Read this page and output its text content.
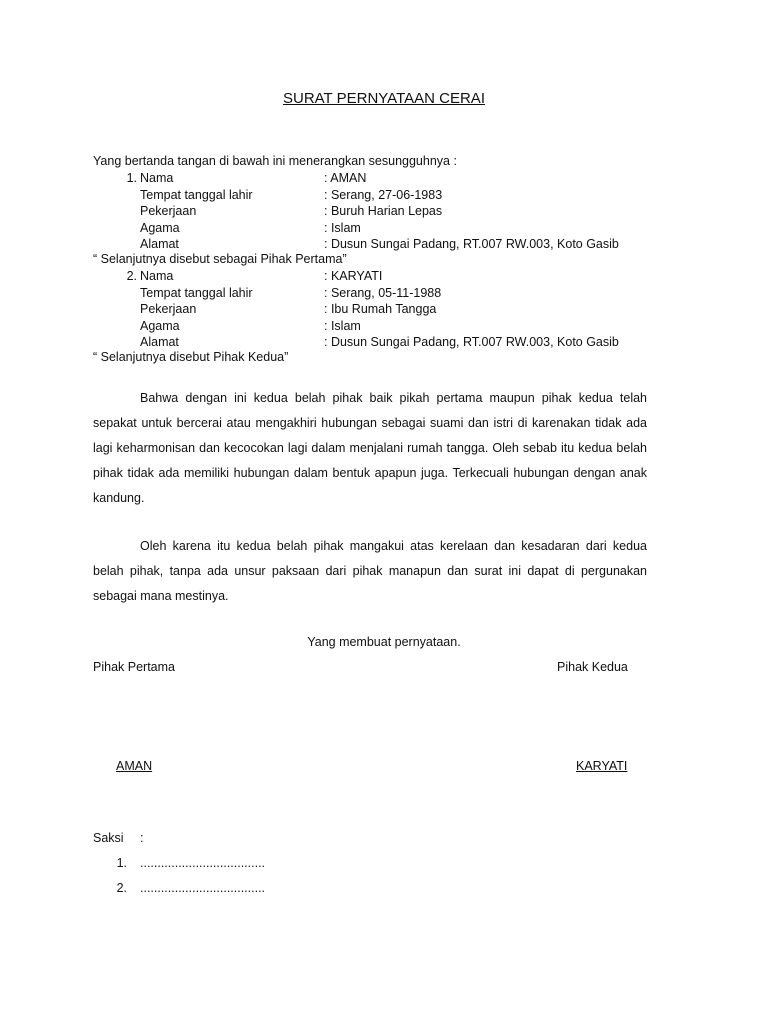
SURAT PERNYATAAN CERAI
Yang bertanda tangan di bawah ini menerangkan sesungguhnya :
1. Nama	: AMAN
Tempat tanggal lahir	: Serang, 27-06-1983
Pekerjaan	: Buruh Harian Lepas
Agama	: Islam
Alamat	: Dusun Sungai Padang, RT.007 RW.003, Koto Gasib
“ Selanjutnya disebut sebagai Pihak Pertama”
2. Nama	: KARYATI
Tempat tanggal lahir	: Serang, 05-11-1988
Pekerjaan	: Ibu Rumah Tangga
Agama	: Islam
Alamat	: Dusun Sungai Padang, RT.007 RW.003, Koto Gasib
“ Selanjutnya disebut Pihak Kedua”
Bahwa dengan ini kedua belah pihak baik pikah pertama maupun pihak kedua telah sepakat untuk bercerai atau mengakhiri hubungan sebagai suami dan istri di karenakan tidak ada lagi keharmonisan dan kecocokan lagi dalam menjalani rumah tangga. Oleh sebab itu kedua belah pihak tidak ada memiliki hubungan dalam bentuk apapun juga. Terkecuali hubungan dengan anak kandung.
Oleh karena itu kedua belah pihak mangakui atas kerelaan dan kesadaran dari kedua belah pihak, tanpa ada unsur paksaan dari pihak manapun dan surat ini dapat di pergunakan sebagai mana mestinya.
Yang membuat pernyataan.
Pihak Pertama	Pihak Kedua
AMAN	KARYATI
Saksi :
1. ....................................
2. ....................................
